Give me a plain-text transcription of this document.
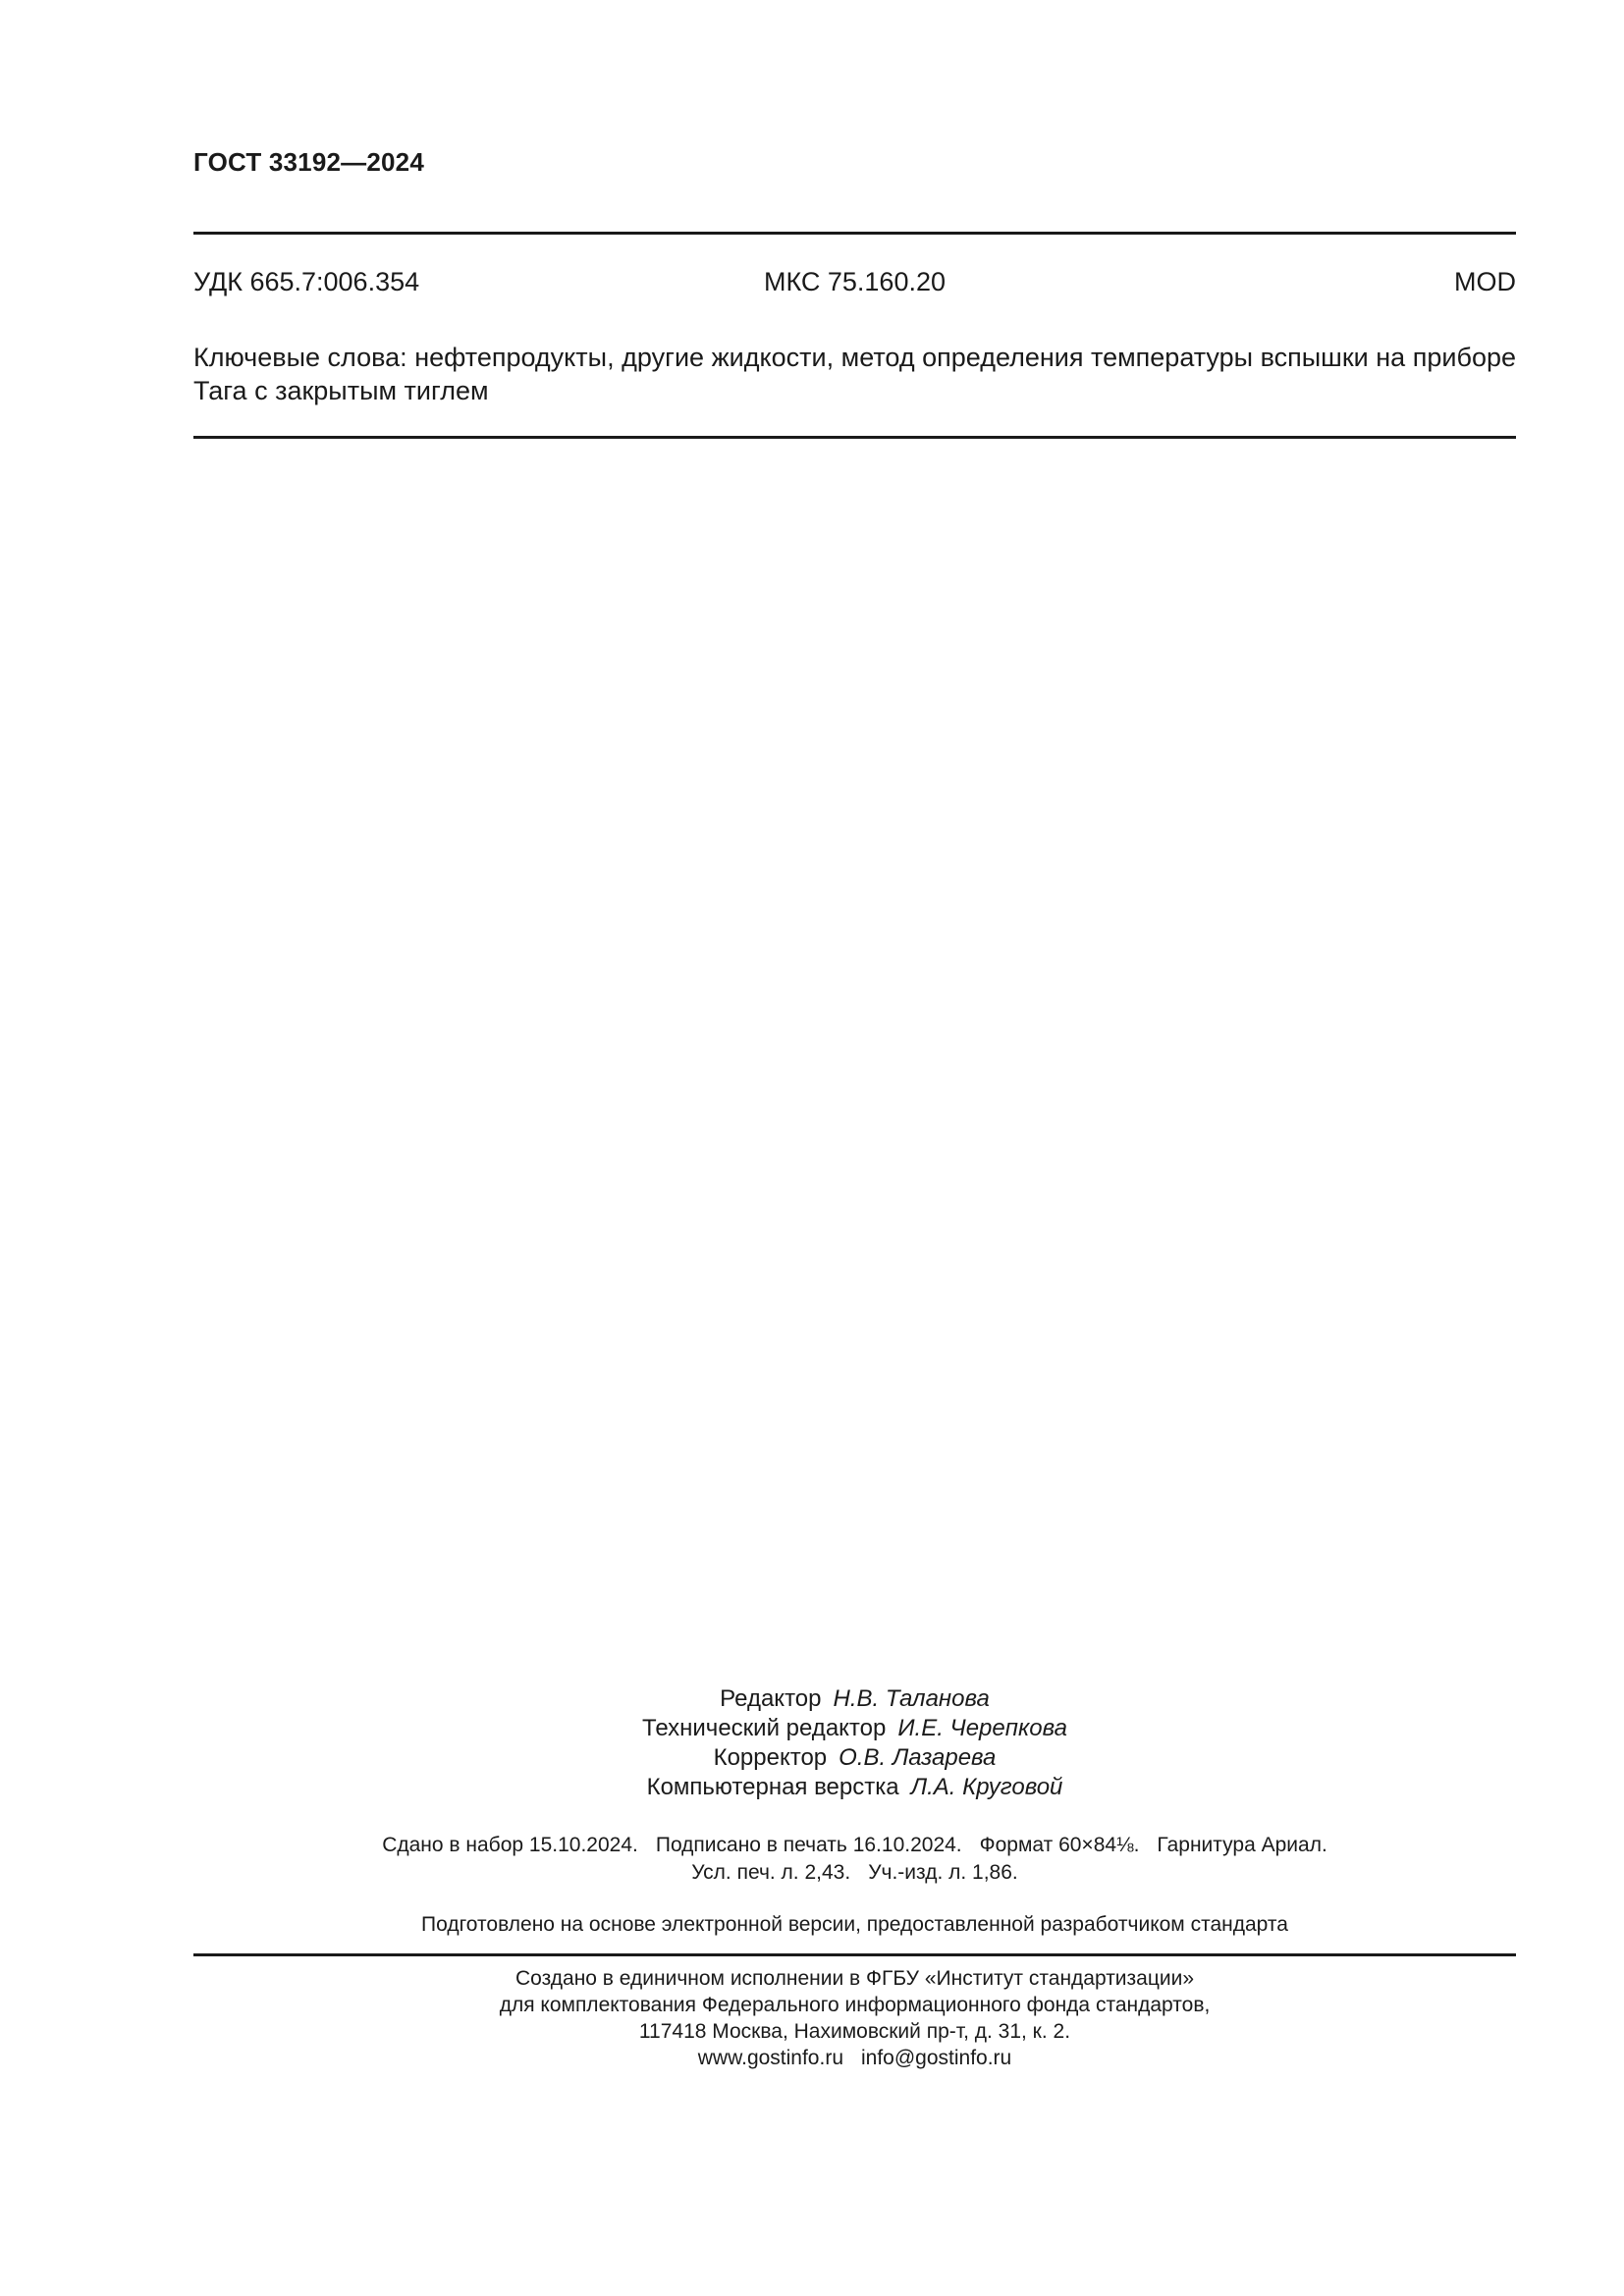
ГОСТ 33192—2024
УДК 665.7:006.354	МКС 75.160.20	MOD
Ключевые слова: нефтепродукты, другие жидкости, метод определения температуры вспышки на приборе Тага с закрытым тиглем
Редактор Н.В. Таланова
Технический редактор И.Е. Черепкова
Корректор О.В. Лазарева
Компьютерная верстка Л.А. Круговой
Сдано в набор 15.10.2024. Подписано в печать 16.10.2024. Формат 60×84⅛. Гарнитура Ариал.
Усл. печ. л. 2,43. Уч.-изд. л. 1,86.
Подготовлено на основе электронной версии, предоставленной разработчиком стандарта
Создано в единичном исполнении в ФГБУ «Институт стандартизации»
для комплектования Федерального информационного фонда стандартов,
117418 Москва, Нахимовский пр-т, д. 31, к. 2.
www.gostinfo.ru info@gostinfo.ru
